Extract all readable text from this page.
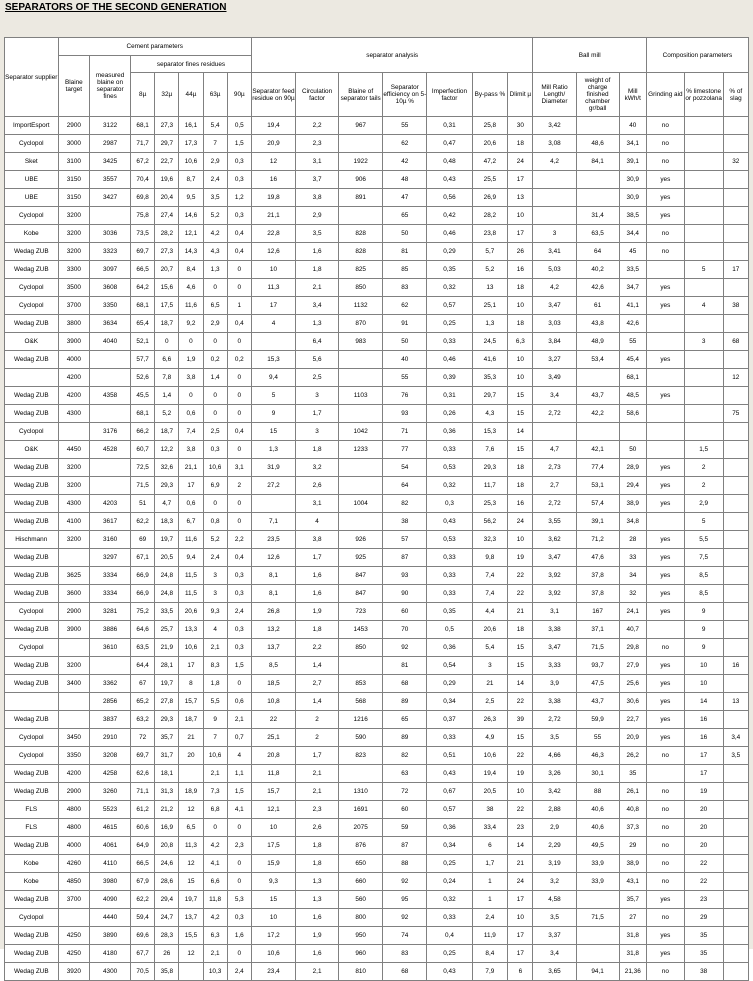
SEPARATORS OF THE SECOND GENERATION
Separator supplier	Cement parameters							separator analysis							Ball mill			Composition parameters		
	Blaine target	measured blaine on separator fines	separator fines residues																	
			8µ	32µ	44µ	63µ	90µ	Separator feed residue on 90µ	Circulation factor	Blaine of separator tails	Separator efficiency on 5-10µ %	Imperfection factor	By-pass %	Dlimit µ	Mill Ratio Length/ Diameter	weight of charge finished chamber gr/ball	Mill kWh/t	Grinding aid	% limestone or pozzolana	% of slag
ImportEsport	2900	3122	68,1	27,3	16,1	5,4	0,5	19,4	2,2	967	55	0,31	25,8	30	3,42		40	no		
Cyclopol	3000	2987	71,7	29,7	17,3	7	1,5	20,9	2,3		62	0,47	20,6	18	3,08	48,6	34,1	no		
Sket	3100	3425	67,2	22,7	10,6	2,9	0,3	12	3,1	1922	42	0,48	47,2	24	4,2	84,1	39,1	no		32
UBE	3150	3557	70,4	19,6	8,7	2,4	0,3	16	3,7	906	48	0,43	25,5	17			30,9	yes		
UBE	3150	3427	69,8	20,4	9,5	3,5	1,2	19,8	3,8	891	47	0,56	26,9	13			30,9	yes		
Cyclopol	3200		75,8	27,4	14,6	5,2	0,3	21,1	2,9		65	0,42	28,2	10		31,4	38,5	yes		
Kobe	3200	3036	73,5	28,2	12,1	4,2	0,4	22,8	3,5	828	50	0,46	23,8	17	3	63,5	34,4	no		
Wedag ZUB	3200	3323	69,7	27,3	14,3	4,3	0,4	12,6	1,6	828	81	0,29	5,7	26	3,41	64	45	no		
Wedag ZUB	3300	3097	66,5	20,7	8,4	1,3	0	10	1,8	825	85	0,35	5,2	16	5,03	40,2	33,5		5	17
Cyclopol	3500	3608	64,2	15,6	4,6	0	0	11,3	2,1	850	83	0,32	13	18	4,2	42,6	34,7	yes		
Cyclopol	3700	3350	68,1	17,5	11,6	6,5	1	17	3,4	1132	62	0,57	25,1	10	3,47	61	41,1	yes	4	38
Wedag ZUB	3800	3634	65,4	18,7	9,2	2,9	0,4	4	1,3	870	91	0,25	1,3	18	3,03	43,8	42,6			
O&K	3900	4040	52,1	0	0	0	0		6,4	983	50	0,33	24,5	6,3	3,84	48,9	55		3	68
Wedag ZUB	4000		57,7	6,6	1,9	0,2	0,2	15,3	5,6		40	0,46	41,6	10	3,27	53,4	45,4	yes		
	4200		52,6	7,8	3,8	1,4	0	9,4	2,5		55	0,39	35,3	10	3,49		68,1			12
Wedag ZUB	4200	4358	45,5	1,4	0	0	0	5	3	1103	76	0,31	29,7	15	3,4	43,7	48,5	yes		
Wedag ZUB	4300		68,1	5,2	0,6	0	0	9	1,7		93	0,26	4,3	15	2,72	42,2	58,6			75
Cyclopol		3176	66,2	18,7	7,4	2,5	0,4	15	3	1042	71	0,36	15,3	14						
O&K	4450	4528	60,7	12,2	3,8	0,3	0	1,3	1,8	1233	77	0,33	7,6	15	4,7	42,1	50		1,5	
Wedag ZUB	3200		72,5	32,6	21,1	10,6	3,1	31,9	3,2		54	0,53	29,3	18	2,73	77,4	28,9	yes	2	
Wedag ZUB	3200		71,5	29,3	17	6,9	2	27,2	2,6		64	0,32	11,7	18	2,7	53,1	29,4	yes	2	
Wedag ZUB	4300	4203	51	4,7	0,6	0	0		3,1	1004	82	0,3	25,3	16	2,72	57,4	38,9	yes	2,9	
Wedag ZUB	4100	3617	62,2	18,3	6,7	0,8	0	7,1	4		38	0,43	56,2	24	3,55	39,1	34,8		5	
Hischmann	3200	3160	69	19,7	11,6	5,2	2,2	23,5	3,8	926	57	0,53	32,3	10	3,62	71,2	28	yes	5,5	
Wedag ZUB		3297	67,1	20,5	9,4	2,4	0,4	12,6	1,7	925	87	0,33	9,8	19	3,47	47,6	33	yes	7,5	
Wedag ZUB	3625	3334	66,9	24,8	11,5	3	0,3	8,1	1,6	847	93	0,33	7,4	22	3,92	37,8	34	yes	8,5	
Wedag ZUB	3600	3334	66,9	24,8	11,5	3	0,3	8,1	1,6	847	90	0,33	7,4	22	3,92	37,8	32	yes	8,5	
Cyclopol	2900	3281	75,2	33,5	20,6	9,3	2,4	26,8	1,9	723	60	0,35	4,4	21	3,1	167	24,1	yes	9	
Wedag ZUB	3900	3886	64,6	25,7	13,3	4	0,3	13,2	1,8	1453	70	0,5	20,6	18	3,38	37,1	40,7		9	
Cyclopol		3610	63,5	21,9	10,6	2,1	0,3	13,7	2,2	850	92	0,36	5,4	15	3,47	71,5	29,8	no	9	
Wedag ZUB	3200		64,4	28,1	17	8,3	1,5	8,5	1,4		81	0,54	3	15	3,33	93,7	27,9	yes	10	16
Wedag ZUB	3400	3362	67	19,7	8	1,8	0	18,5	2,7	853	68	0,29	21	14	3,9	47,5	25,6	yes	10	
		2856	65,2	27,8	15,7	5,5	0,6	10,8	1,4	568	89	0,34	2,5	22	3,38	43,7	30,6	yes	14	13
Wedag ZUB		3837	63,2	29,3	18,7	9	2,1	22	2	1216	65	0,37	26,3	39	2,72	59,9	22,7	yes	16	
Cyclopol	3450	2910	72	35,7	21	7	0,7	25,1	2	590	89	0,33	4,9	15	3,5	55	20,9	yes	16	3,4
Cyclopol	3350	3208	69,7	31,7	20	10,6	4	20,8	1,7	823	82	0,51	10,6	22	4,66	46,3	26,2	no	17	3,5
Wedag ZUB	4200	4258	62,6	18,1		2,1	1,1	11,8	2,1		63	0,43	19,4	19	3,26	30,1	35		17	
Wedag ZUB	2900	3260	71,1	31,3	18,9	7,3	1,5	15,7	2,1	1310	72	0,67	20,5	10	3,42	88	26,1	no	19	
FLS	4800	5523	61,2	21,2	12	6,8	4,1	12,1	2,3	1691	60	0,57	38	22	2,88	40,6	40,8	no	20	
FLS	4800	4615	60,6	16,9	6,5	0	0	10	2,6	2075	59	0,36	33,4	23	2,9	40,6	37,3	no	20	
Wedag ZUB	4000	4061	64,9	20,8	11,3	4,2	2,3	17,5	1,8	876	87	0,34	6	14	2,29	49,5	29	no	20	
Kobe	4260	4110	66,5	24,6	12	4,1	0	15,9	1,8	650	88	0,25	1,7	21	3,19	33,9	38,9	no	22	
Kobe	4850	3980	67,9	28,6	15	6,6	0	9,3	1,3	660	92	0,24	1	24	3,2	33,9	43,1	no	22	
Wedag ZUB	3700	4090	62,2	29,4	19,7	11,8	5,3	15	1,3	560	95	0,32	1	17	4,58		35,7	yes	23	
Cyclopol		4440	59,4	24,7	13,7	4,2	0,3	10	1,6	800	92	0,33	2,4	10	3,5	71,5	27	no	29	
Wedag ZUB	4250	3890	69,6	28,3	15,5	6,3	1,6	17,2	1,9	950	74	0,4	11,9	17	3,37		31,8	yes	35	
Wedag ZUB	4250	4180	67,7	26	12	2,1	0	10,6	1,6	960	83	0,25	8,4	17	3,4		31,8	yes	35	
Wedag ZUB	3920	4300	70,5	35,8		10,3	2,4	23,4	2,1	810	68	0,43	7,9	6	3,65	94,1	21,36	no	38	
